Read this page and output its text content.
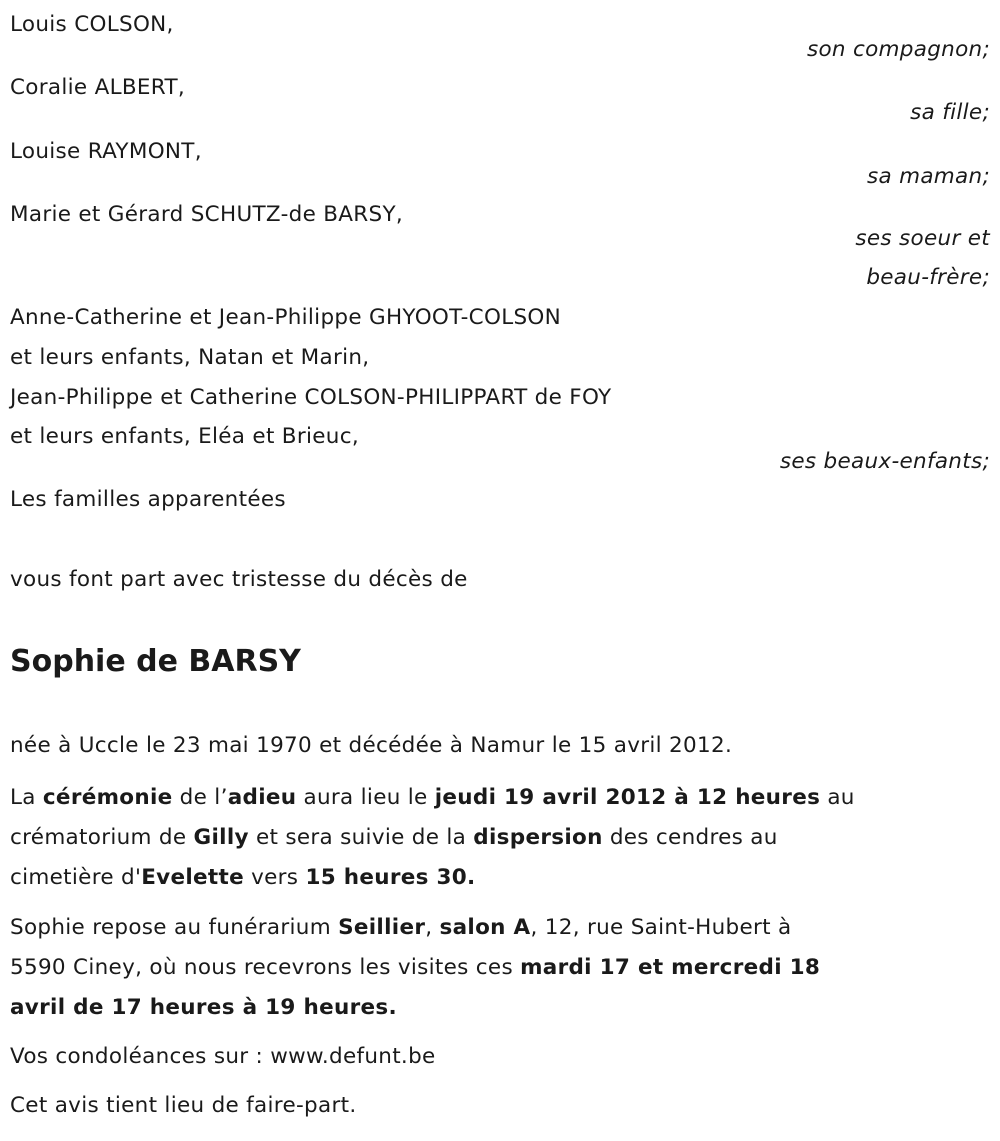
Louis COLSON,
son compagnon;
Coralie ALBERT,
sa fille;
Louise RAYMONT,
sa maman;
Marie et Gérard SCHUTZ-de BARSY,
ses soeur et
beau-frère;
Anne-Catherine et Jean-Philippe GHYOOT-COLSON
et leurs enfants, Natan et Marin,
Jean-Philippe et Catherine COLSON-PHILIPPART de FOY
et leurs enfants, Eléa et Brieuc,
ses beaux-enfants;
Les familles apparentées
vous font part avec tristesse du décès de
Sophie de BARSY
née à Uccle le 23 mai 1970 et décédée à Namur le 15 avril 2012.
La cérémonie de l’adieu aura lieu le jeudi 19 avril 2012 à 12 heures au
crématorium de Gilly et sera suivie de la dispersion des cendres au
cimetière d'Evelette vers 15 heures 30.
Sophie repose au funérarium Seillier, salon A, 12, rue Saint-Hubert à
5590 Ciney, où nous recevrons les visites ces mardi 17 et mercredi 18
avril de 17 heures à 19 heures.
Vos condoléances sur : www.defunt.be
Cet avis tient lieu de faire-part.
